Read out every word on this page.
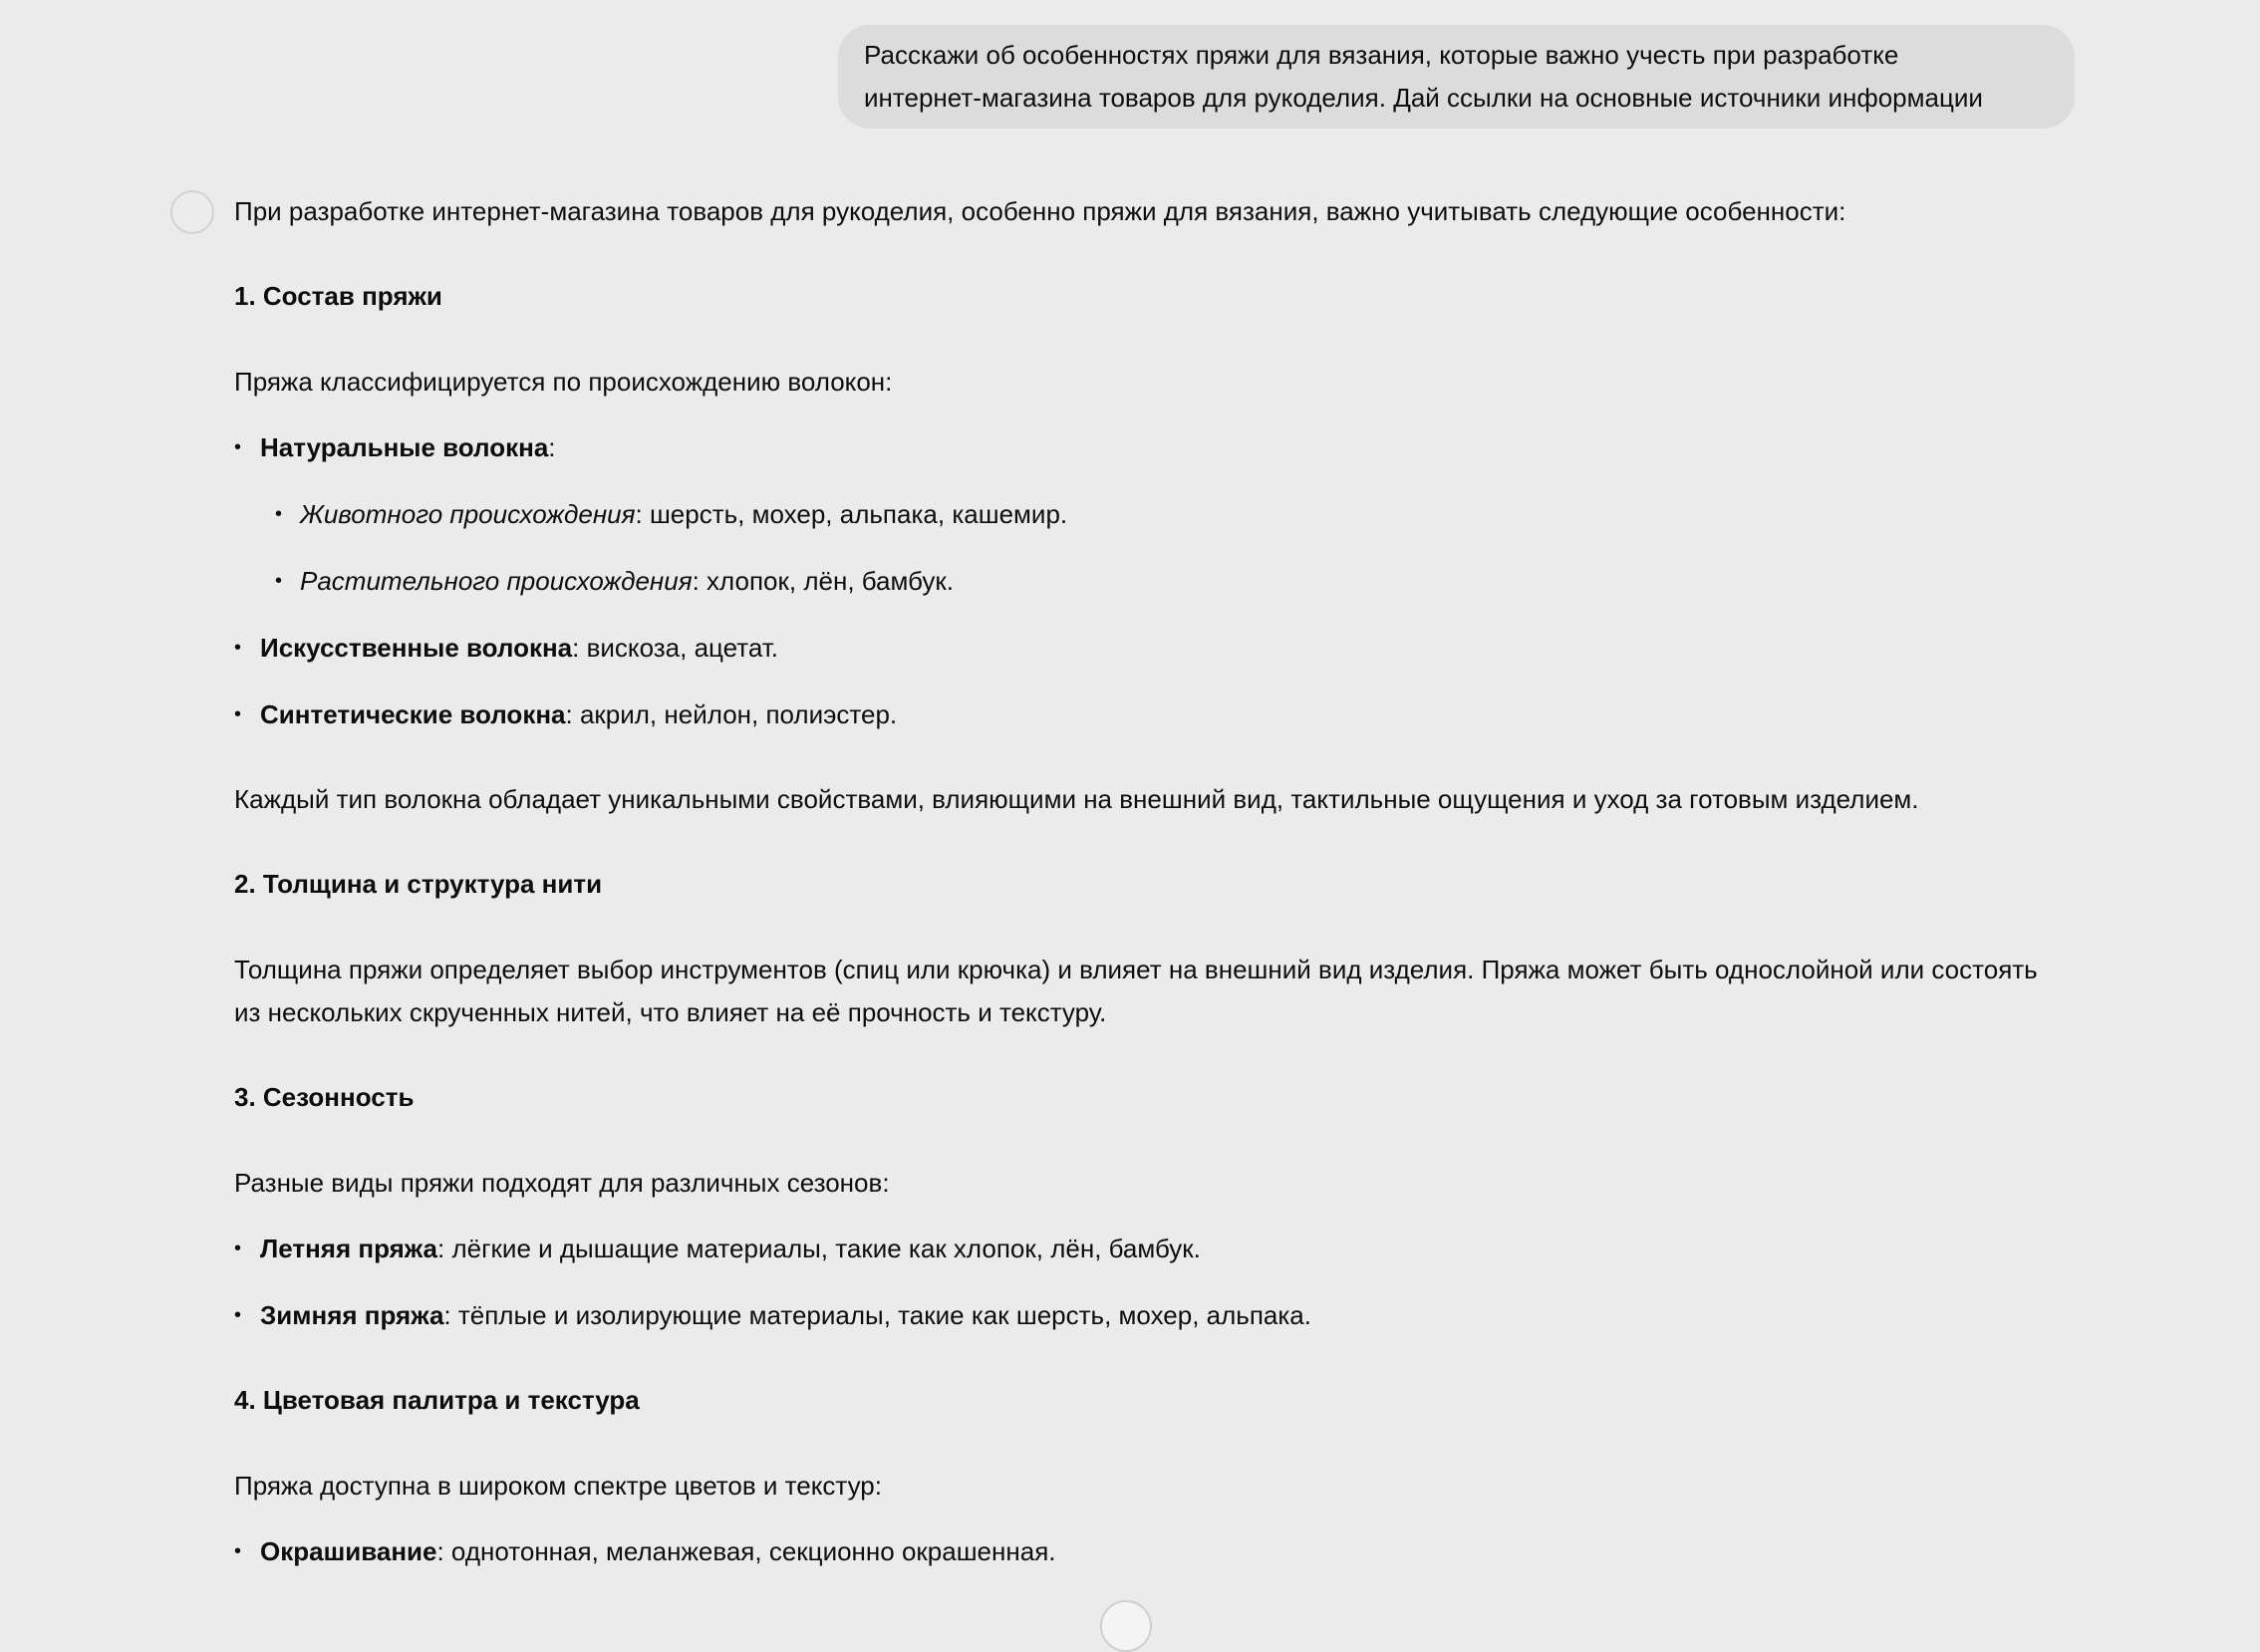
Расскажи об особенностях пряжи для вязания, которые важно учесть при разработке
интернет-магазина товаров для рукоделия. Дай ссылки на основные источники информации

При разработке интернет-магазина товаров для рукоделия, особенно пряжи для вязания, важно учитывать следующие особенности:

1. Состав пряжи

Пряжа классифицируется по происхождению волокон:

• Натуральные волокна:
• Животного происхождения: шерсть, мохер, альпака, кашемир.
• Растительного происхождения: хлопок, лён, бамбук.
• Искусственные волокна: вискоза, ацетат.
• Синтетические волокна: акрил, нейлон, полиэстер.

Каждый тип волокна обладает уникальными свойствами, влияющими на внешний вид, тактильные ощущения и уход за готовым изделием.

2. Толщина и структура нити

Толщина пряжи определяет выбор инструментов (спиц или крючка) и влияет на внешний вид изделия. Пряжа может быть однослойной или состоять из нескольких скрученных нитей, что влияет на её прочность и текстуру.

3. Сезонность

Разные виды пряжи подходят для различных сезонов:

• Летняя пряжа: лёгкие и дышащие материалы, такие как хлопок, лён, бамбук.
• Зимняя пряжа: тёплые и изолирующие материалы, такие как шерсть, мохер, альпака.
4. Цветовая палитра и текстура

Пряжа доступна в широком спектре цветов и текстур:

• Окрашивание: однотонная, меланжевая, секционно окрашенная.
